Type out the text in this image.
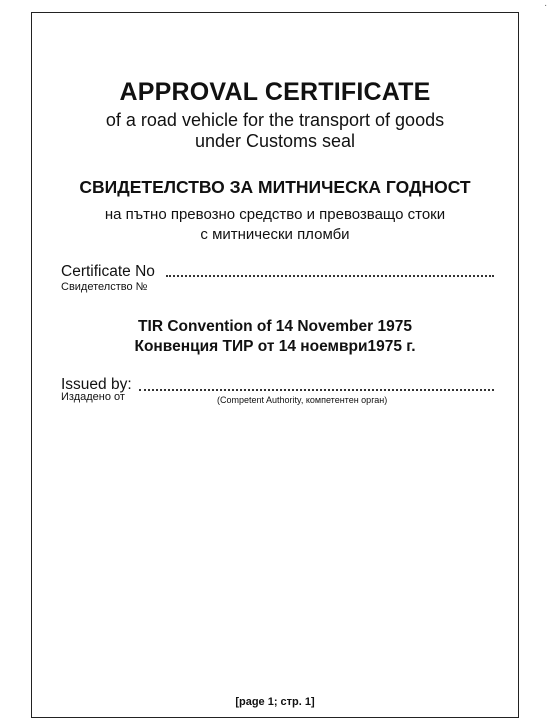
APPROVAL CERTIFICATE
of a road vehicle for the transport of goods
under Customs seal
СВИДЕТЕЛСТВО ЗА МИТНИЧЕСКА ГОДНОСТ
на пътно превозно средство и превозващо стоки
с митнически пломби
Certificate No
Свидетелство №
TIR Convention of 14 November 1975
Конвенция ТИР от 14 ноември1975 г.
Issued by:
Издадено от	(Competent Authority, компетентен орган)
[page 1; стр. 1]
.
